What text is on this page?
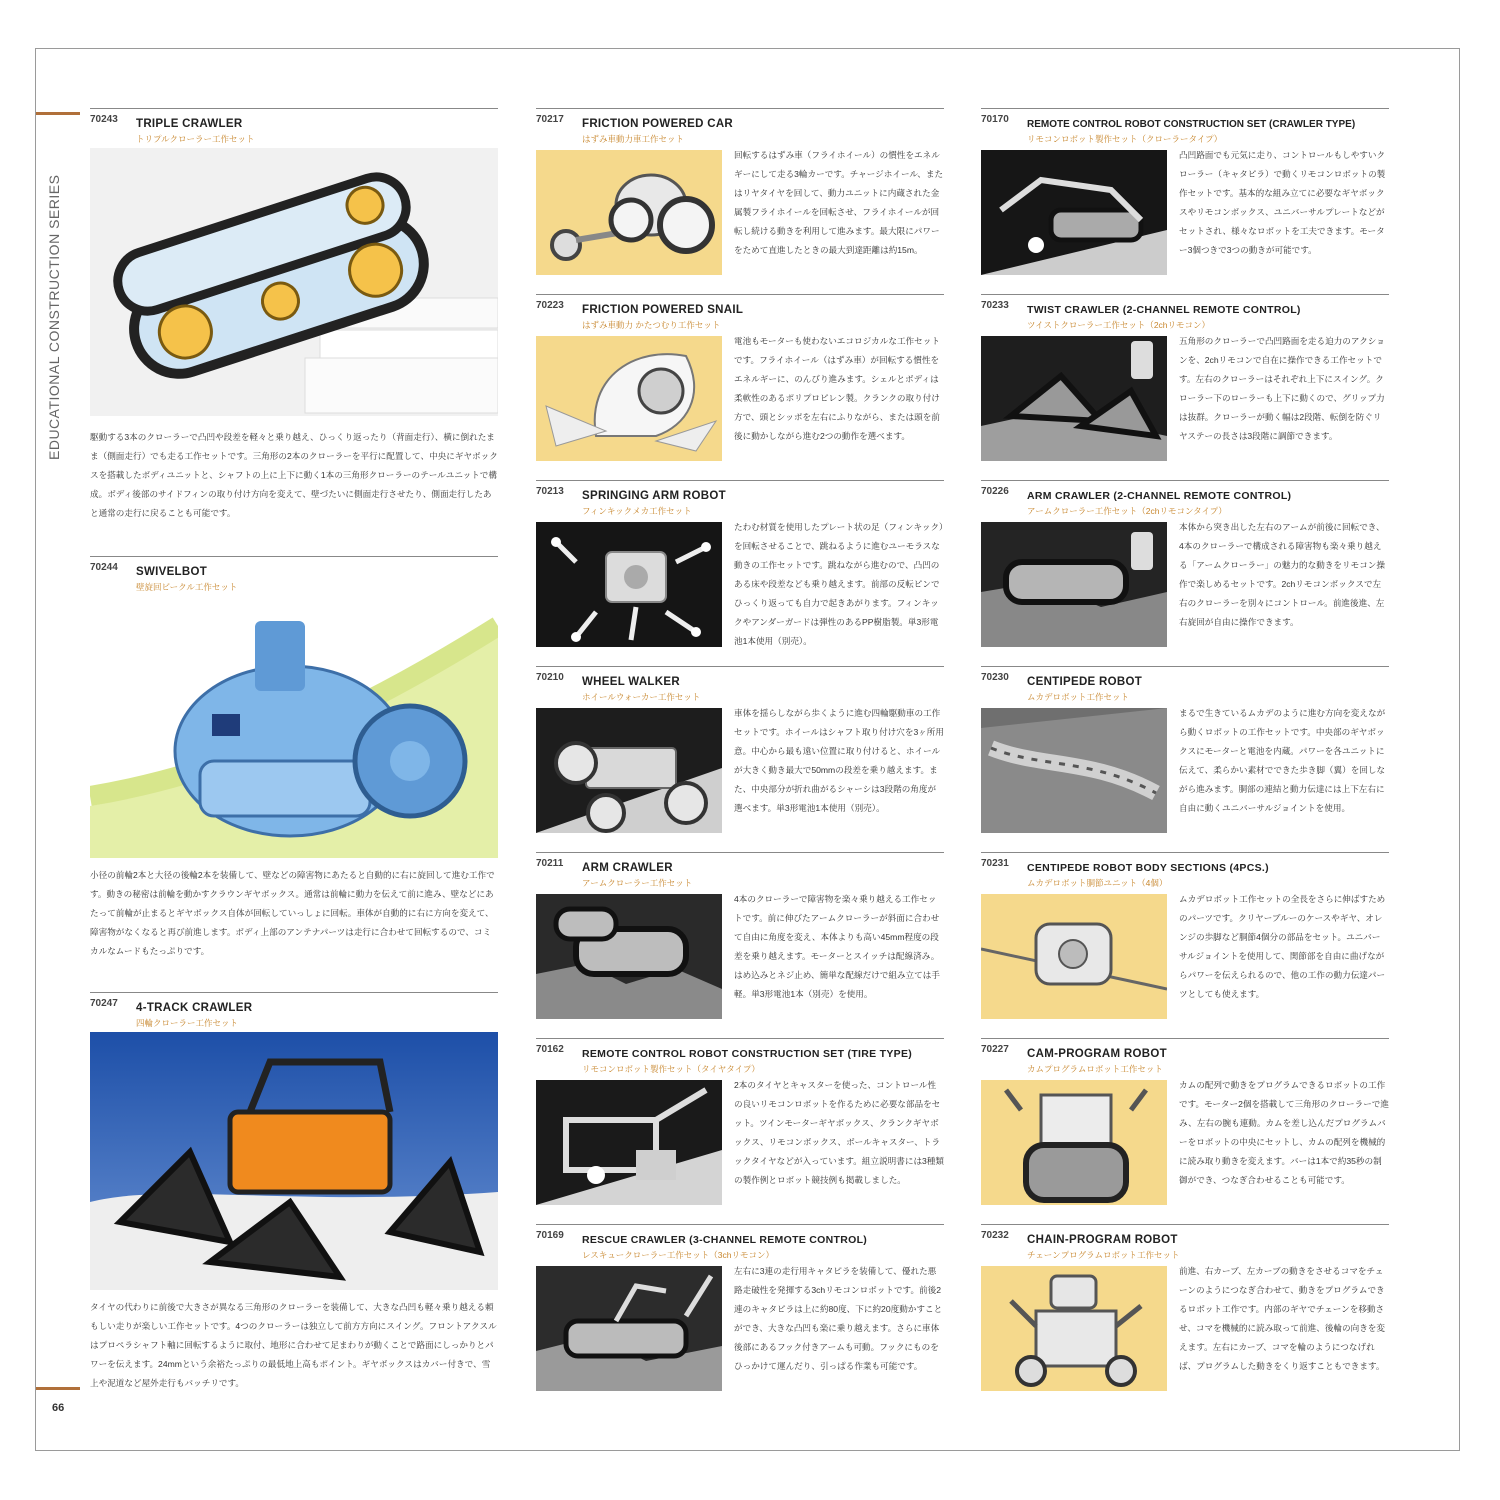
EDUCATIONAL CONSTRUCTION SERIES
66
70243 TRIPLE CRAWLER
トリプルクローラー工作セット
駆動する3本のクローラーで凸凹や段差を軽々と乗り越え、ひっくり返ったり（背面走行）、横に倒れたまま（側面走行）でも走る工作セットです。三角形の2本のクローラーを平行に配置して、中央にギヤボックスを搭載したボディユニットと、シャフトの上に上下に動く1本の三角形クローラーのテールユニットで構成。ボディ後部のサイドフィンの取り付け方向を変えて、壁づたいに側面走行させたり、側面走行したあと通常の走行に戻ることも可能です。
70244 SWIVELBOT
壁旋回ビークル工作セット
小径の前輪2本と大径の後輪2本を装備して、壁などの障害物にあたると自動的に右に旋回して進む工作です。動きの秘密は前輪を動かすクラウンギヤボックス。通常は前輪に動力を伝えて前に進み、壁などにあたって前輪が止まるとギヤボックス自体が回転していっしょに回転。車体が自動的に右に方向を変えて、障害物がなくなると再び前進します。ボディ上部のアンテナパーツは走行に合わせて回転するので、コミカルなムードもたっぷりです。
70247 4-TRACK CRAWLER
四輪クローラー工作セット
タイヤの代わりに前後で大きさが異なる三角形のクローラーを装備して、大きな凸凹も軽々乗り越える頼もしい走りが楽しい工作セットです。4つのクローラーは独立して前方方向にスイング。フロントアクスルはプロペラシャフト軸に回転するように取付、地形に合わせて足まわりが動くことで路面にしっかりとパワーを伝えます。24mmという余裕たっぷりの最低地上高もポイント。ギヤボックスはカバー付きで、雪上や泥道など屋外走行もバッチリです。
70217 FRICTION POWERED CAR
はずみ車動力車工作セット
回転するはずみ車（フライホイール）の慣性をエネルギーにして走る3輪カーです。チャージホイール、またはリヤタイヤを回して、動力ユニットに内蔵された金属製フライホイールを回転させ、フライホイールが回転し続ける動きを利用して進みます。最大限にパワーをためて直進したときの最大到達距離は約15m。
70223 FRICTION POWERED SNAIL
はずみ車動力 かたつむり工作セット
電池もモーターも使わないエコロジカルな工作セットです。フライホイール（はずみ車）が回転する慣性をエネルギーに、のんびり進みます。シェルとボディは柔軟性のあるポリプロピレン製。クランクの取り付け方で、頭とシッポを左右にふりながら、または頭を前後に動かしながら進む2つの動作を選べます。
70213 SPRINGING ARM ROBOT
フィンキックメカ工作セット
たわむ材質を使用したプレート状の足（フィンキック）を回転させることで、跳ねるように進むユーモラスな動きの工作セットです。跳ねながら進むので、凸凹のある床や段差なども乗り越えます。前部の反転ピンでひっくり返っても自力で起きあがります。フィンキックやアンダーガードは弾性のあるPP樹脂製。単3形電池1本使用（別売）。
70210 WHEEL WALKER
ホイールウォーカー工作セット
車体を揺らしながら歩くように進む四輪駆動車の工作セットです。ホイールはシャフト取り付け穴を3ヶ所用意。中心から最も遠い位置に取り付けると、ホイールが大きく動き最大で50mmの段差を乗り越えます。また、中央部分が折れ曲がるシャーシは3段階の角度が選べます。単3形電池1本使用（別売）。
70211 ARM CRAWLER
アームクローラー工作セット
4本のクローラーで障害物を楽々乗り越える工作セットです。前に伸びたアームクローラーが斜面に合わせて自由に角度を変え、本体よりも高い45mm程度の段差を乗り越えます。モーターとスイッチは配線済み。はめ込みとネジ止め、簡単な配線だけで組み立ては手軽。単3形電池1本（別売）を使用。
70162 REMOTE CONTROL ROBOT CONSTRUCTION SET (TIRE TYPE)
リモコンロボット製作セット（タイヤタイプ）
2本のタイヤとキャスターを使った、コントロール性の良いリモコンロボットを作るために必要な部品をセット。ツインモーターギヤボックス、クランクギヤボックス、リモコンボックス、ボールキャスター、トラックタイヤなどが入っています。組立説明書には3種類の製作例とロボット競技例も掲載しました。
70169 RESCUE CRAWLER (3-CHANNEL REMOTE CONTROL)
レスキュークローラー工作セット（3chリモコン）
左右に3連の走行用キャタピラを装備して、優れた悪路走破性を発揮する3chリモコンロボットです。前後2連のキャタピラは上に約80度、下に約20度動かすことができ、大きな凸凹も楽に乗り越えます。さらに車体後部にあるフック付きアームも可動。フックにものをひっかけて運んだり、引っぱる作業も可能です。
70170 REMOTE CONTROL ROBOT CONSTRUCTION SET (CRAWLER TYPE)
リモコンロボット製作セット（クローラータイプ）
凸凹路面でも元気に走り、コントロールもしやすいクローラー（キャタピラ）で動くリモコンロボットの製作セットです。基本的な組み立てに必要なギヤボックスやリモコンボックス、ユニバーサルプレートなどがセットされ、様々なロボットを工夫できます。モーター3個つきで3つの動きが可能です。
70233 TWIST CRAWLER (2-CHANNEL REMOTE CONTROL)
ツイストクローラー工作セット（2chリモコン）
五角形のクローラーで凸凹路面を走る迫力のアクションを、2chリモコンで自在に操作できる工作セットです。左右のクローラーはそれぞれ上下にスイング。クローラー下のローラーも上下に動くので、グリップ力は抜群。クローラーが動く幅は2段階、転倒を防ぐリヤステーの長さは3段階に調節できます。
70226 ARM CRAWLER (2-CHANNEL REMOTE CONTROL)
アームクローラー工作セット（2chリモコンタイプ）
本体から突き出した左右のアームが前後に回転でき、4本のクローラーで構成される障害物も楽々乗り越える「アームクローラー」の魅力的な動きをリモコン操作で楽しめるセットです。2chリモコンボックスで左右のクローラーを別々にコントロール。前進後進、左右旋回が自由に操作できます。
70230 CENTIPEDE ROBOT
ムカデロボット工作セット
まるで生きているムカデのように進む方向を変えながら動くロボットの工作セットです。中央部のギヤボックスにモーターと電池を内蔵。パワーを各ユニットに伝えて、柔らかい素材でできた歩き脚（翼）を回しながら進みます。胴部の連結と動力伝達には上下左右に自由に動くユニバーサルジョイントを使用。
70231 CENTIPEDE ROBOT BODY SECTIONS (4PCS.)
ムカデロボット胴節ユニット（4個）
ムカデロボット工作セットの全長をさらに伸ばすためのパーツです。クリヤーブルーのケースやギヤ、オレンジの歩脚など胴節4個分の部品をセット。ユニバーサルジョイントを使用して、関節部を自由に曲げながらパワーを伝えられるので、他の工作の動力伝達パーツとしても使えます。
70227 CAM-PROGRAM ROBOT
カムプログラムロボット工作セット
カムの配列で動きをプログラムできるロボットの工作です。モーター2個を搭載して三角形のクローラーで進み、左右の腕も連動。カムを差し込んだプログラムバーをロボットの中央にセットし、カムの配列を機械的に読み取り動きを変えます。バーは1本で約35秒の制御ができ、つなぎ合わせることも可能です。
70232 CHAIN-PROGRAM ROBOT
チェーンプログラムロボット工作セット
前進、右カーブ、左カーブの動きをさせるコマをチェーンのようにつなぎ合わせて、動きをプログラムできるロボット工作です。内部のギヤでチェーンを移動させ、コマを機械的に読み取って前進、後輪の向きを変えます。左右にカーブ、コマを輪のようにつなげれば、プログラムした動きをくり返すこともできます。
